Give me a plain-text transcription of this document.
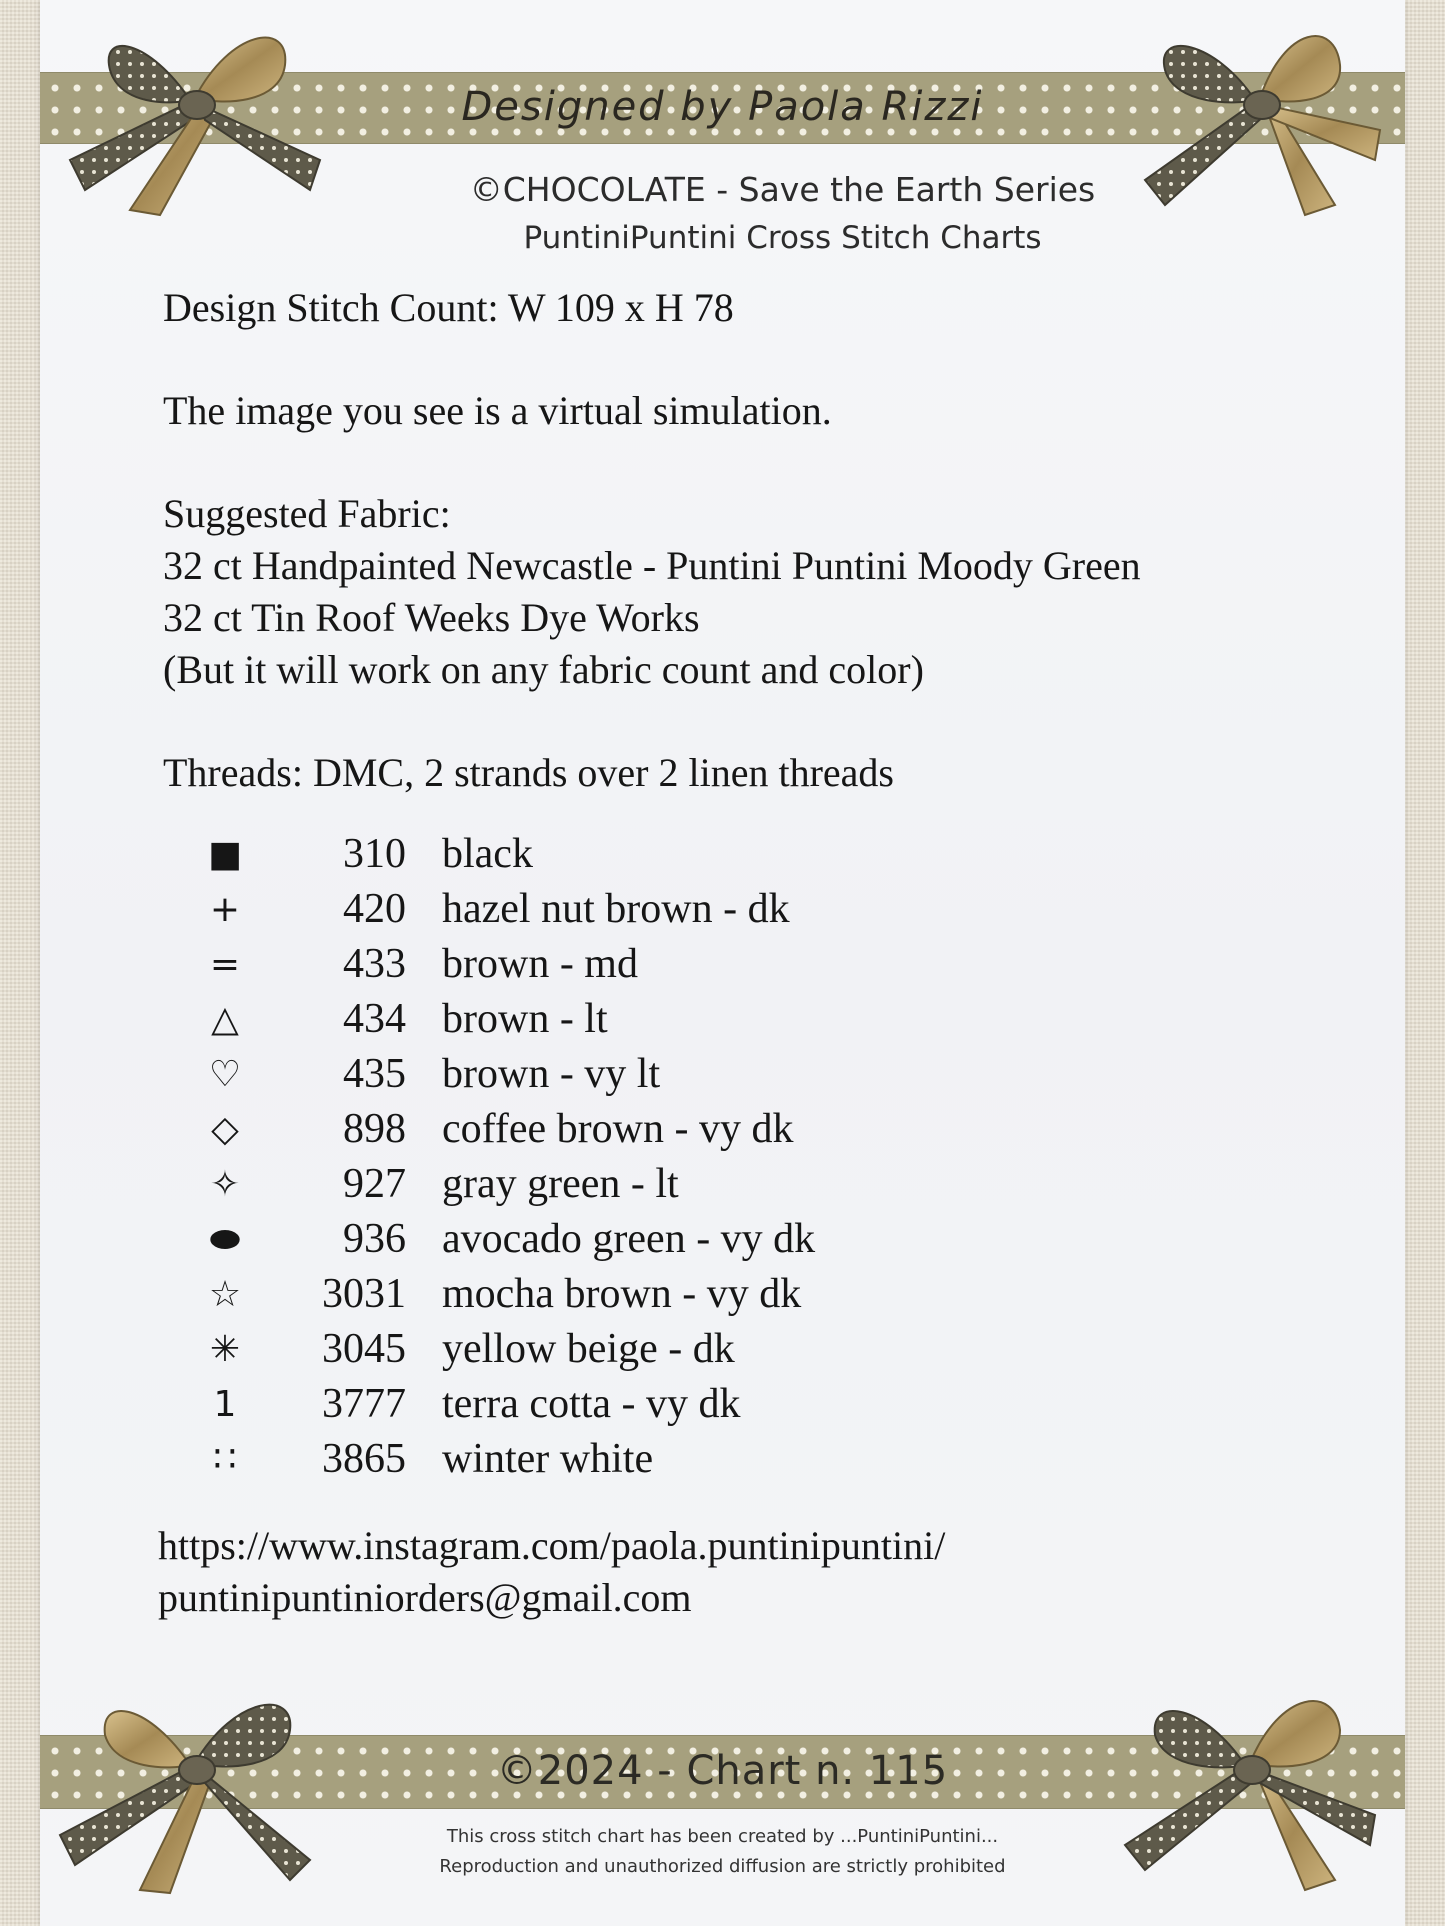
Designed by Paola Rizzi
©CHOCOLATE - Save the Earth Series
PuntiniPuntini Cross Stitch Charts

Design Stitch Count: W 109 x H 78

The image you see is a virtual simulation.

Suggested Fabric:

32 ct Handpainted Newcastle - Puntini Puntini Moody Green

32 ct Tin Roof Weeks Dye Works

(But it will work on any fabric count and color)

Threads: DMC, 2 strands over 2 linen threads

■	310 black
+	420 hazel nut brown - dk
=	433 brown - md
△	434 brown - lt
♡	435 brown - vy lt
◇	898 coffee brown - vy dk
✧	927 gray green - lt
⬬	936 avocado green - vy dk
☆	3031 mocha brown - vy dk
✳	3045 yellow beige - dk
1	3777 terra cotta - vy dk
∷	3865 winter white
https://www.instagram.com/paola.puntinipuntini/
puntinipuntiniorders@gmail.com
©2024 - Chart n. 115
This cross stitch chart has been created by ...PuntiniPuntini...
Reproduction and unauthorized diffusion are strictly prohibited
